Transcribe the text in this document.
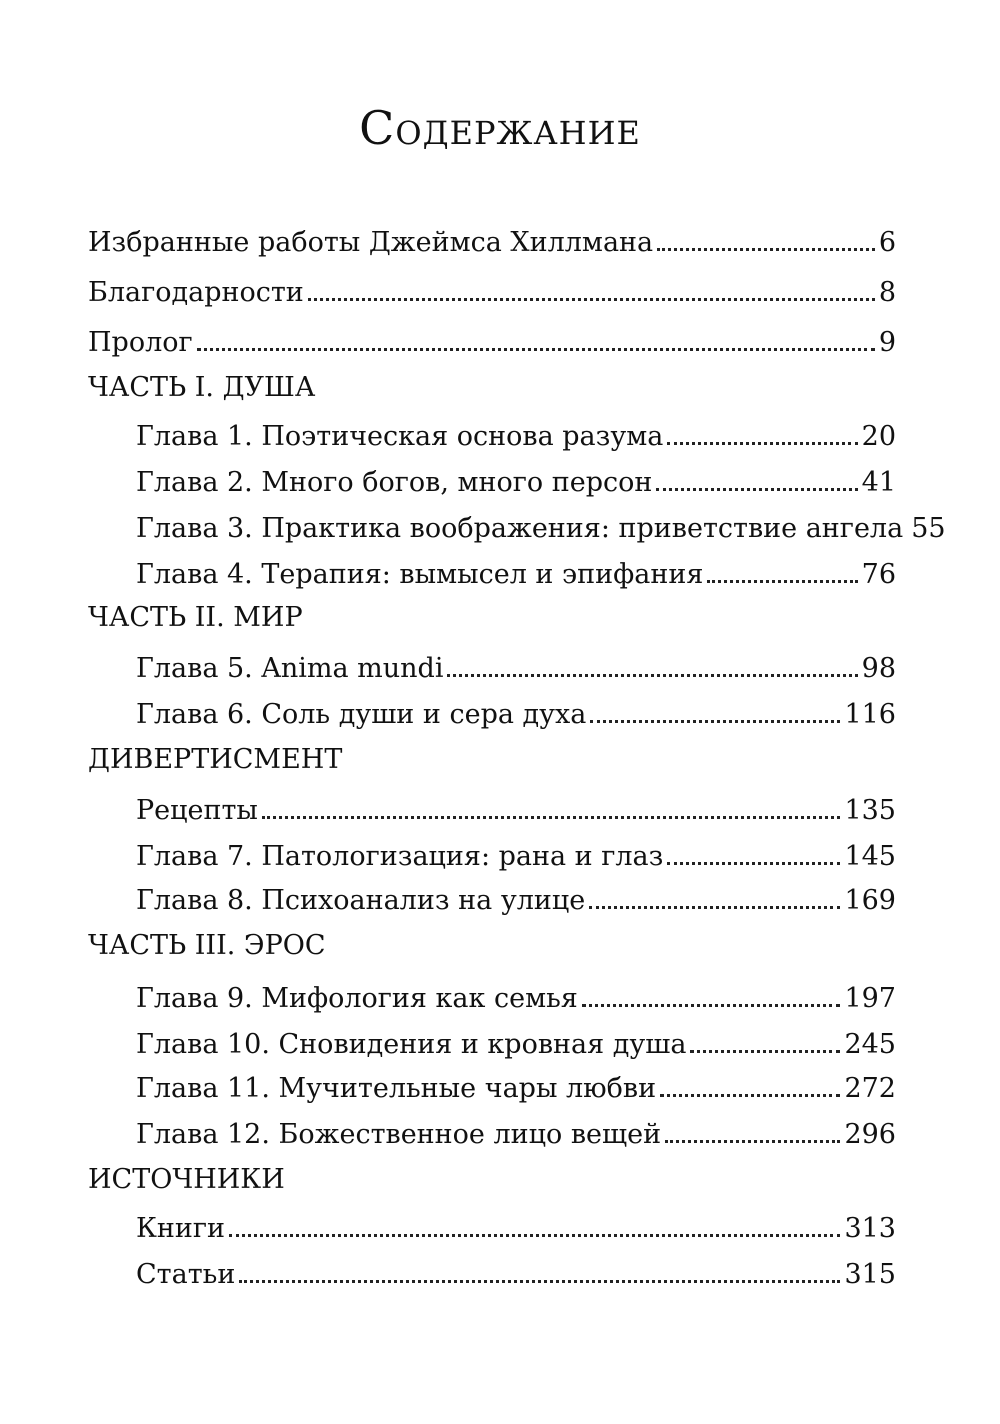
Содержание
Избранные работы Джеймса Хиллмана	6
Благодарности	8
Пролог	9
ЧАСТЬ I. ДУША
Глава 1. Поэтическая основа разума	20
Глава 2. Много богов, много персон	41
Глава 3. Практика воображения: приветствие ангела 55
Глава 4. Терапия: вымысел и эпифания	76
ЧАСТЬ II. МИР
Глава 5. Anima mundi	98
Глава 6. Соль души и сера духа	116
ДИВЕРТИСМЕНТ
Рецепты	135
Глава 7. Патологизация: рана и глаз	145
Глава 8. Психоанализ на улице	169
ЧАСТЬ III. ЭРОС
Глава 9. Мифология как семья	197
Глава 10. Сновидения и кровная душа	245
Глава 11. Мучительные чары любви	272
Глава 12. Божественное лицо вещей	296
ИСТОЧНИКИ
Книги	313
Статьи	315
